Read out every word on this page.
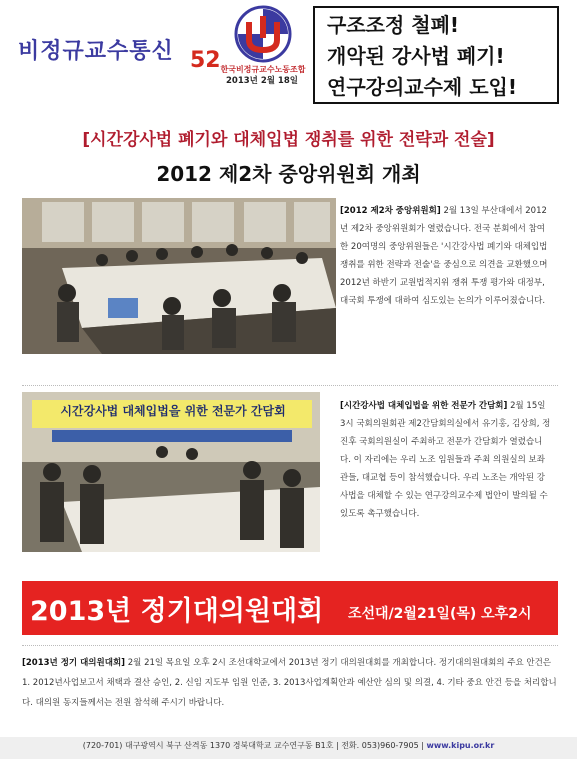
비정규교수통신 52 한국비정규교수노동조합
2013년 2월 18일
구조조정 철폐!
개악된 강사법 폐기!
연구강의교수제 도입!
[시간강사법 폐기와 대체입법 쟁취를 위한 전략과 전술]
2012 제2차 중앙위원회 개최
[2012 제2차 중앙위원회] 2월 13일 부산대에서 2012년 제2차 중앙위원회가 열렸습니다. 전국 분회에서 참여한 20여명의 중앙위원들은 '시간강사법 폐기와 대체입법 쟁취를 위한 전략과 전술'을 중심으로 의견을 교환했으며 2012년 하반기 교원법적지위 쟁취 투쟁 평가와 대정부, 대국회 투쟁에 대하여 심도있는 논의가 이루어졌습니다.
시간강사법 대체입법을 위한 전문가 간담회	[시간강사법 대체입법을 위한 전문가 간담회] 2월 15일 3시 국회의원회관 제2간담회의실에서 유기홍, 김상희, 정진후 국회의원실이 주최하고 전문가 간담회가 열렸습니다. 이 자리에는 우리 노조 임원들과 주최 의원실의 보좌관들, 대교협 등이 참석했습니다. 우리 노조는 개악된 강사법을 대체할 수 있는 연구강의교수제 법안이 발의될 수 있도록 촉구했습니다.
2013년 정기대의원대회 조선대/2월21일(목) 오후2시
[2013년 정기 대의원대회] 2월 21일 목요일 오후 2시 조선대학교에서 2013년 정기 대의원대회를 개최합니다. 정기대의원대회의 주요 안건은 1. 2012년사업보고서 채택과 결산 승인, 2. 신임 지도부 임원 인준, 3. 2013사업계획안과 예산안 심의 및 의결, 4. 기타 중요 안건 등을 처리합니다. 대의원 동지들께서는 전원 참석해 주시기 바랍니다.
(720-701) 대구광역시 북구 산격동 1370 경북대학교 교수연구동 B1호 | 전화. 053)960-7905 | www.kipu.or.kr
